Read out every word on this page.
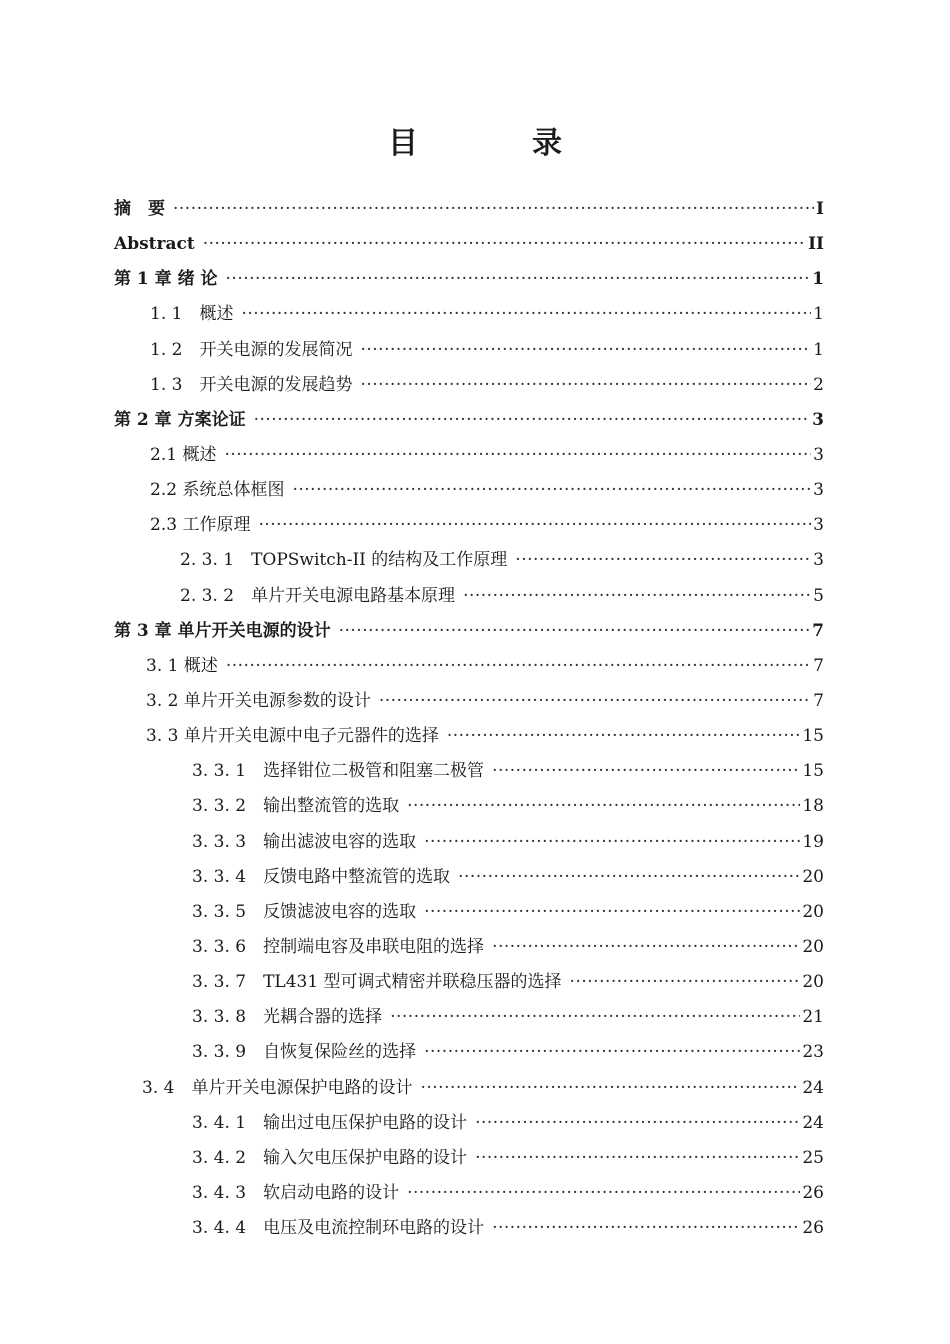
目　录
摘　要 ·····	I
Abstract ·····	II
第 1 章 绪 论 ·····	1
1. 1　概述 ·····	1
1. 2　开关电源的发展简况 ·····	1
1. 3　开关电源的发展趋势 ·····	2
第 2 章 方案论证 ·····	3
2.1 概述 ·····	3
2.2 系统总体框图 ·····	3
2.3 工作原理 ·····	3
2. 3. 1　TOPSwitch-II 的结构及工作原理 ·····	3
2. 3. 2　单片开关电源电路基本原理 ·····	5
第 3 章 单片开关电源的设计 ·····	7
3. 1 概述 ·····	7
3. 2 单片开关电源参数的设计 ·····	7
3. 3 单片开关电源中电子元器件的选择 ·····	15
3. 3. 1　选择钳位二极管和阻塞二极管 ·····	15
3. 3. 2　输出整流管的选取 ·····	18
3. 3. 3　输出滤波电容的选取 ·····	19
3. 3. 4　反馈电路中整流管的选取 ·····	20
3. 3. 5　反馈滤波电容的选取 ·····	20
3. 3. 6　控制端电容及串联电阻的选择 ·····	20
3. 3. 7　TL431 型可调式精密并联稳压器的选择 ·····	20
3. 3. 8　光耦合器的选择 ·····	21
3. 3. 9　自恢复保险丝的选择 ·····	23
3. 4　单片开关电源保护电路的设计 ·····	24
3. 4. 1　输出过电压保护电路的设计 ·····	24
3. 4. 2　输入欠电压保护电路的设计 ·····	25
3. 4. 3　软启动电路的设计 ·····	26
3. 4. 4　电压及电流控制环电路的设计 ·····	26
